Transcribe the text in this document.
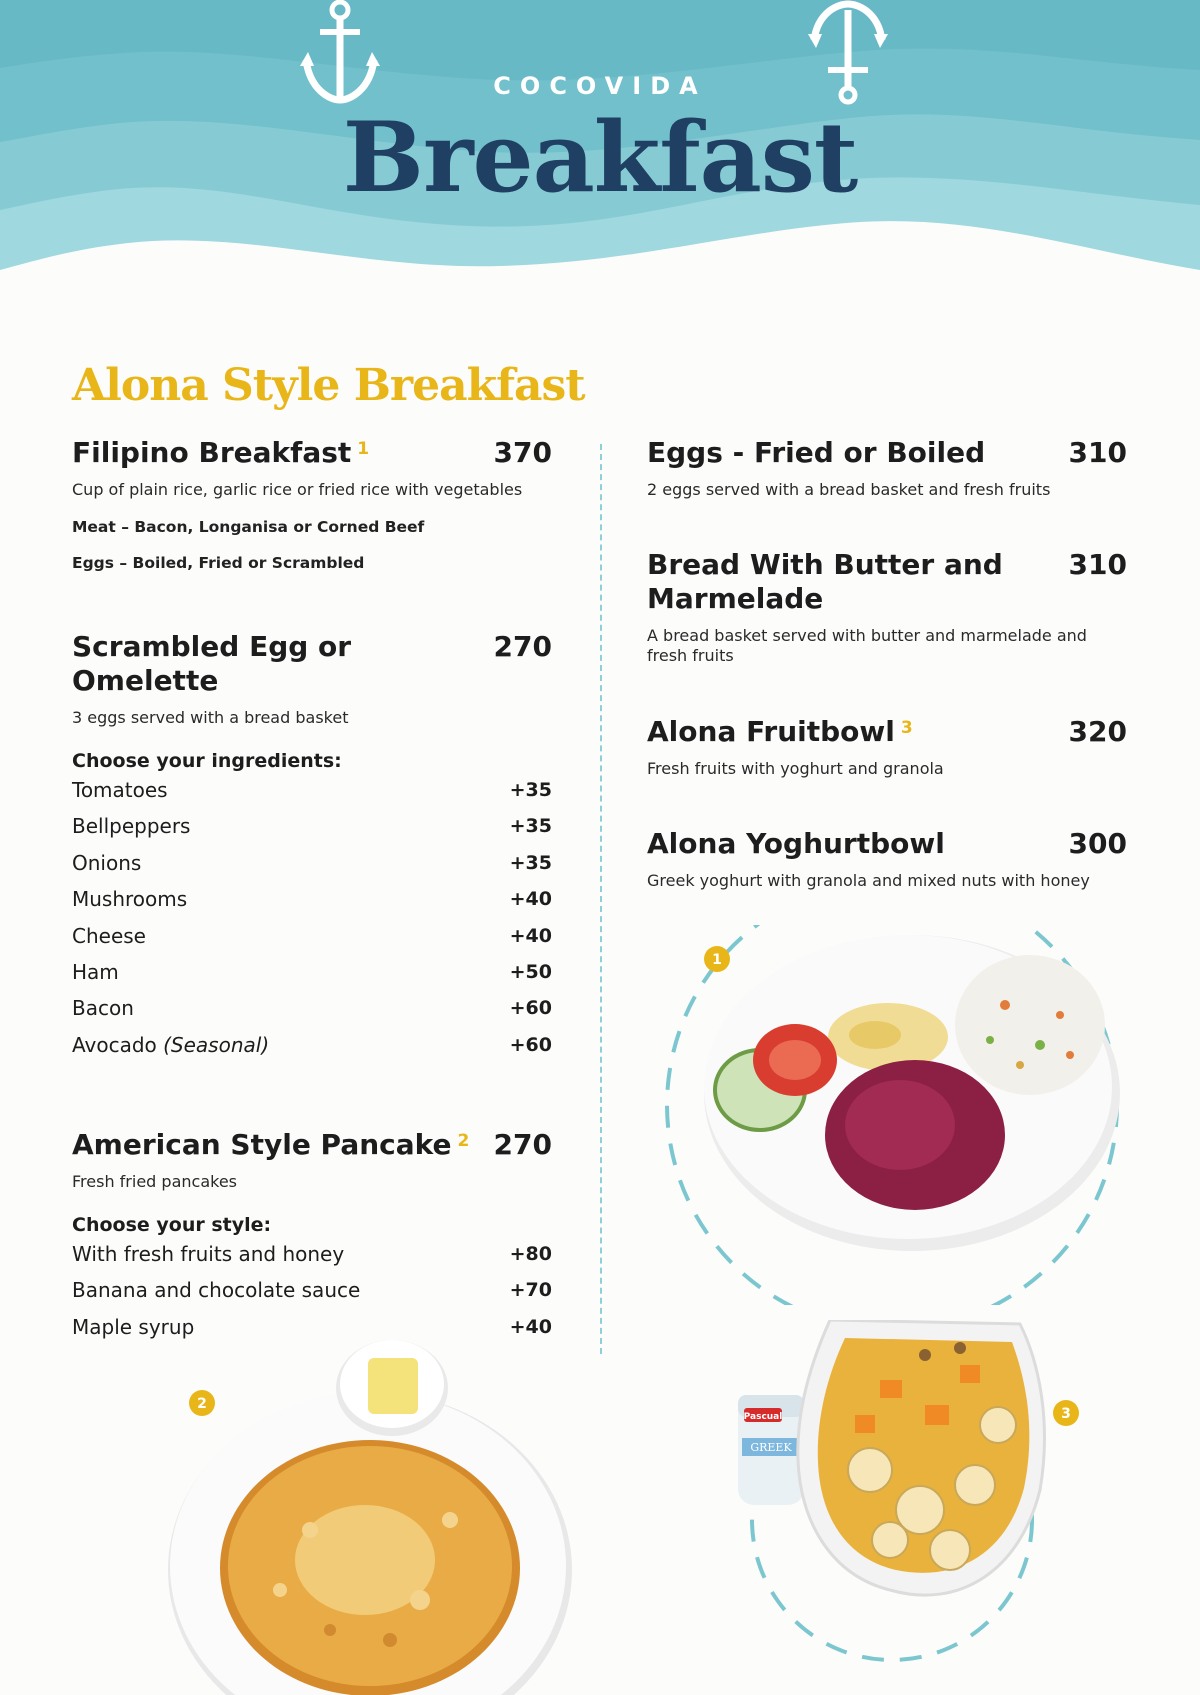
COCOVIDA
Breakfast
Alona Style Breakfast
Filipino Breakfast $^1$	370
Cup of plain rice, garlic rice or fried rice with vegetables
Meat – Bacon, Longanisa or Corned Beef
Eggs – Boiled, Fried or Scrambled
Scrambled Egg or Omelette
270
3 eggs served with a bread basket
Choose your ingredients:
Tomatoes	+35
Bellpeppers	+35
Onions	+35
Mushrooms	+40
Cheese	+40
Ham	+50
Bacon	+60
Avocado (Seasonal)	+60
American Style Pancake $^2$ 270
Fresh fried pancakes
Choose your style:
With fresh fruits and honey	+80
Banana and chocolate sauce	+70
Maple syrup	+40
Eggs - Fried or Boiled	310
2 eggs served with a bread basket and fresh fruits
Bread With Butter and Marmelade
310
A bread basket served with butter and marmelade and fresh fruits
Alona Fruitbowl $^3$	320
Fresh fruits with yoghurt and granola
Alona Yoghurtbowl	300
Greek yoghurt with granola and mixed nuts with honey
1
2
Pascual
GREEK
3
